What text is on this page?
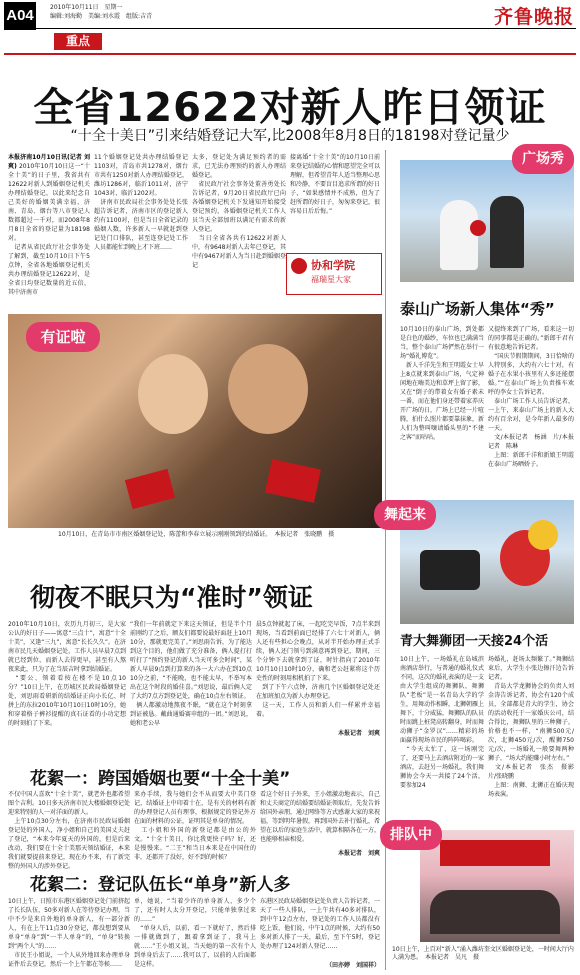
A04	2010年10月11日　星期一
编辑:刘海勤　美编:刘水霞　组版:吉青	齐鲁晚报
重点
全省12622对新人昨日领证
“十全十美日”引来结婚登记大军,比2008年8月8日的18198对登记量少
本报济南10月10日讯(记者 刘爽) 2010年10月10日这一“十全十美”的日子里，我省共有12622对新人到婚姻登记机关办理结婚登记，以此来纪念自己美好的婚姻美满幸福，济南、青岛、烟台等八市登记人数都超过一千对，而2008年8月8日全省的登记量为18198对。
　记者从省民政厅社会事务处了解到，截至10月10日下午5点钟，全省各地婚姻登记机关共办理结婚登记12622对，是全省日均登记数量的近五倍，其中济南市
11个婚姻登记处共办理结婚登记1103对，青岛市共1278对，烟台市共有1250对新人办理结婚登记，潍坊1286对，临沂1011对，济宁1043对，临沂1202对。
　济南市民政局社会事务处处长张超告诉记者，济南市区的登记新人约有1100对，但是当日全省记录的婚姻人数，许多新人一早就赶到登记处门口排队，甚至连登记处工作人员都能忙到晚上才下班……
太多，登记处为满足预约者的需求，已无法办理预约的新人办理结婚登记。
　省民政厅社会事务处董善勇处长告诉记者，9月20日省民政厅已向各婚姻登记机关下发通知开始接受登记预约，各婚姻登记机关工作人员当天全部加班以满足有需求的新人登记。
　当日全省各共有12622对新人中，有9648对新人去年已登记，其中有9467对新人为当日赴到婚姻登记
接离婚“十全十美”的10月10日前来登记结婚的心情和愿望完全可以理解，但希望青年人适当整理心思和冷静，不要盲目追求所谓的好日子，“如果感情并不成熟，但为了赶所谓的好日子，匆匆来登记，很容易日后后悔。”
协和学院
福瑞星大家
有证啦
10月10日，在青岛市市南区婚姻登记处，陈蕾和李春立展示刚刚领到的结婚证。　本报记者　张晓鹏　摄
彻夜不眠只为“准时”领证
2010年10月10日，农历九月初三，是大家公认的好日子——寓意“三点十”，寓意“十全十美”，又逢“三九”，寓意“长长久久”。在济南市民几天婚姻登记处，工作人员早晨7点到就已经到位，而新人去得更早，甚至有人熬夜来此，只为了在当辰吉时拿到结婚证。
　“要公、领着看按在楼不是10点10分？”10日上午，在历城区民政局婚姻登记处，刘思雨看研新的结婚证正向小长亿、时拼上的东拉2010年10月10日10时10分，她和穿着格子裤衫提醒的真石证看的小功定想的时刻拍了下来。
“我们一年前就定下来这天领证，但是半个月前刚约了之后，额友们都要说最好面赶上10月10分，那就更完美了。”刘思雨告诉，为了能达到这个目的，他们做了充分准备，俩人提打打听打了“预约登记的新人当天可多会时间”，某新人早晨9点到打算来的各一大六办在到10点10分之前，“不能晚，也不能太早，不举写本出在这个时段的婚佳喜。”刘思说，最后俩人定了大约7点方到登记处，确在10点左右领证。
　俩人都激动地熬夜不眠，“就在这个时刻拿到证被恳。戴曲通婚赛申组的一团。”刘思说，她和老公早
晨5点钟就起了床，一起吃完早饭，7点半来到现场，当看到前面已经排了六七十对新人，俩人还有些担心会晚点，从对半开始办理正式手续，俩人还门领号到满意再到登记，期间，三个分钟下去就拿到了证，时针指向了2010年10月10日10时10分，确和老公赶紧将这个历史性的时刻用相机拍了下来。
　到了下午六点钟，济南几个区婚姻登记处还在加班加点为新人办理登记。
　这一天，工作人员和新人们一样累并幸福着。
本报记者　刘爽
花絮一：跨国婚姻也要“十全十美”
不仅中国人喜欢“十全十美”，就老外也都希望图个吉利。10日多天济南市民大楼婚姻登记处迎来特别的人一对洋面的新人。
　上午10点30分左右，在济南市民政局婚姻登记处的外国人，净小姐和自己的美国丈夫赶了登记，“本来今年夏天的外国的，但是后来改动，我们要在十全十美那天领结婚证，本来我们就要提前来登记，现在办不来，有了新完整的外国人的涉外登记。
来办手续，我与她们会不从而要大中美门登记，结婚证上中印着十在，是有关的材料有新的办理登记人员有理事，根据规定的登记外方在面的材料的公证，证明其是单身的情况。
　工小姐和外国的新登记都是由公的外文。“十全十美日，你比我更快子吗？好，还是慢慢来。“二王”和当日本来是在中国住的非，还都开了没好，好不到的时候？
看这个好日子外来，王小姐激动地表示，自己和丈夫商定的结婚要结婚证领取后，先发告诉给国外亲朋，通过网络等方式感谢大家的来祝福，等到明年暑假，再到国外去补行婚礼，希望在以后的家庭生活中，就算相隔各在一方，也能够相亲相爱。
本报记者　刘爽
花絮二：登记队伍长“单身”新人多
10日上午，日照市东港区婚姻登记处门前挤起了长长队伍，50多对新人在等待登记办理，当中不少是来自外地的单身新人，有一部分新人，有在上午11点30分登记，都没想到要从单身“单身”到“一半人单身”的，“单身”转换到“两个人”的……
　市民王小姐说，一个人从外地回来办理单身证件后去登记，然后一个上午都在等候……
单，她说，“当着少许的单身新人，多少个了，还有时人太分开登记，只能单独拿过来的……”
　“单身人后，以前，看一下就好了，然后排一排就做到了，跟着拿到证了，我马上就……”王小姐又说，当天她的第一次有个人到单身后去了……我可以了，以前的人后面都是这样。
东港区民政局婚姻登记处负责人告诉记者，一天了一些人排队，一上午共有40多对排队，到中午12点左右，登记处的工作人员都没有吃上饭，他们说，中午1点的时候，大约有50多对新人排了一天，最后，至下午5时，登记处办理了124对新人登记……
（田亦婷　刘国祥）
广场秀
泰山广场新人集体“秀”
10月10日的泰山广场，到处都是白色的婚纱，车位也已满满当当，整个泰山广场俨然在举行一场“婚礼博览”。
　新人千洋先生和王明霞女士早上8点就来到泰山广场，气定神闲地在嗨美边和草坪上留了影，又在“倒子的带着女有婚子素未一番，而在他们身还带着家养庆开广场的日，广场上已经一片喧腾，拍什么照片都要靠抹象，新人们为整叫嚷请婚头里的“不建之客”而咕咕。
又提终来到了广场，看来这一切的同事都是正确的。”新郎千君有有很意地告诉记者。
　“国庆节假期期间，3日恰啥的人特别多，大约有六七十对，有婚子在水果小孩里有人多还能摆婚。”“在泰山广场上负责推车欢呼的李女士告诉记者。
　泰山广场工作人员告诉记者，一上午，来泰山广场上的新人大约有百余对，是今年新人最多的一天。
　文/本报记者　杨涵　片/本报记者　陈琳
　上图：新郎千洋和新娘王明霞在泰山广场晒娇子。
舞起来
青大舞狮团一天接24个活
10日上午，一场婚礼在岛城滨南酒店举行，与普通的婚礼仪式不同，这次的婚礼表演的是一支由大学生组成的舞狮队，舞狮队“老板”是一名青岛大学的学生，用舞动作相瞬，北狮朝雁上舞下，十分威猛，舞狮队的队员时而跳上桩凳高转翻身，时而舞动狮子“金罗汉”……精彩的场面赢得现场市民的阵阵喝彩。
　“今天太忙了，这一场刚完了，还要马上去酒店附近的一家酒店，去赶另一场婚礼，我们舞狮协会今天一共接了24个活，要参加24
场婚礼，赶场太频繁了。”舞狮结束后，大学生小张边擦汗边告诉记者。
　青岛大学龙狮协会的负责人刘金涛告诉记者，协会有120个成员，全部都是青大的学生，协会的活动收托于一家婚庆公司，结合得比，舞狮队里的三种狮子，价格也不一样，“南狮500元/次，北狮450元/次，醒狮750元/次，一场婚礼一般要舞两种狮子，“场大约能赚小时左右。”
　文/本报记者　张杰　摄影　片/张晓鹏
　上图：南狮、北狮正在婚庆现场表演。
排队中
10日上午，上百对“新人”涌入潍坊奎文区婚姻登记处，一时间大厅内人满为患。　本报记者　吴凡　摄
